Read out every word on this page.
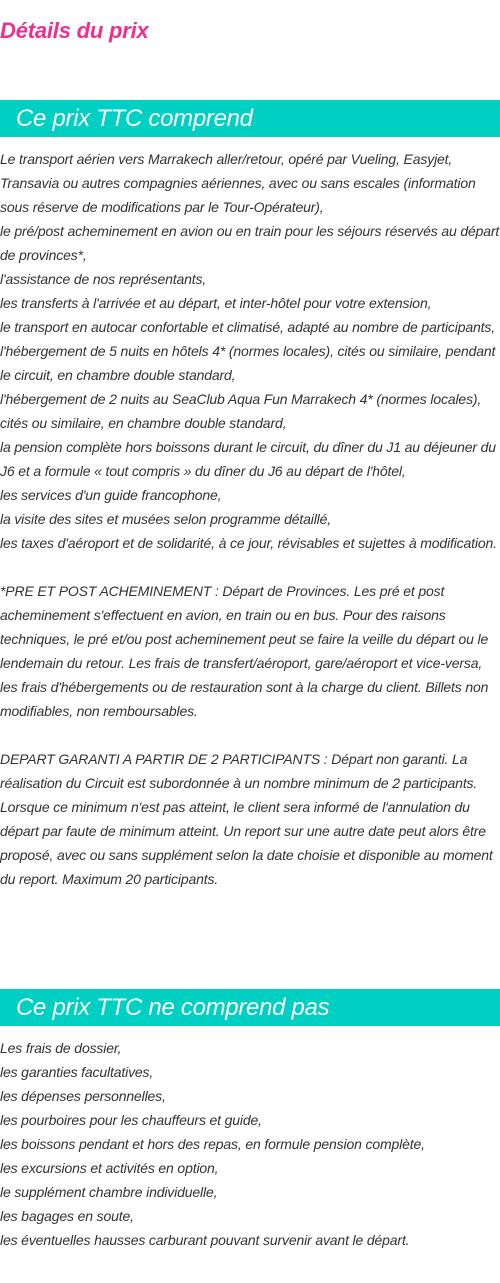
Détails du prix
Ce prix TTC comprend
Le transport aérien vers Marrakech aller/retour, opéré par Vueling, Easyjet, Transavia ou autres compagnies aériennes, avec ou sans escales (information sous réserve de modifications par le Tour-Opérateur),
le pré/post acheminement en avion ou en train pour les séjours réservés au départ de provinces*,
l'assistance de nos représentants,
les transferts à l'arrivée et au départ, et inter-hôtel pour votre extension,
le transport en autocar confortable et climatisé, adapté au nombre de participants,
l'hébergement de 5 nuits en hôtels 4* (normes locales), cités ou similaire, pendant le circuit, en chambre double standard,
l'hébergement de 2 nuits au SeaClub Aqua Fun Marrakech 4* (normes locales), cités ou similaire, en chambre double standard,
la pension complète hors boissons durant le circuit, du dîner du J1 au déjeuner du J6 et a formule « tout compris » du dîner du J6 au départ de l'hôtel,
les services d'un guide francophone,
la visite des sites et musées selon programme détaillé,
les taxes d'aéroport et de solidarité, à ce jour, révisables et sujettes à modification.
*PRE ET POST ACHEMINEMENT : Départ de Provinces. Les pré et post acheminement s'effectuent en avion, en train ou en bus. Pour des raisons techniques, le pré et/ou post acheminement peut se faire la veille du départ ou le lendemain du retour. Les frais de transfert/aéroport, gare/aéroport et vice-versa, les frais d'hébergements ou de restauration sont à la charge du client. Billets non modifiables, non remboursables.
DEPART GARANTI A PARTIR DE 2 PARTICIPANTS : Départ non garanti. La réalisation du Circuit est subordonnée à un nombre minimum de 2 participants. Lorsque ce minimum n'est pas atteint, le client sera informé de l'annulation du départ par faute de minimum atteint. Un report sur une autre date peut alors être proposé, avec ou sans supplément selon la date choisie et disponible au moment du report. Maximum 20 participants.
Ce prix TTC ne comprend pas
Les frais de dossier,
les garanties facultatives,
les dépenses personnelles,
les pourboires pour les chauffeurs et guide,
les boissons pendant et hors des repas, en formule pension complète,
les excursions et activités en option,
le supplément chambre individuelle,
les bagages en soute,
les éventuelles hausses carburant pouvant survenir avant le départ.
